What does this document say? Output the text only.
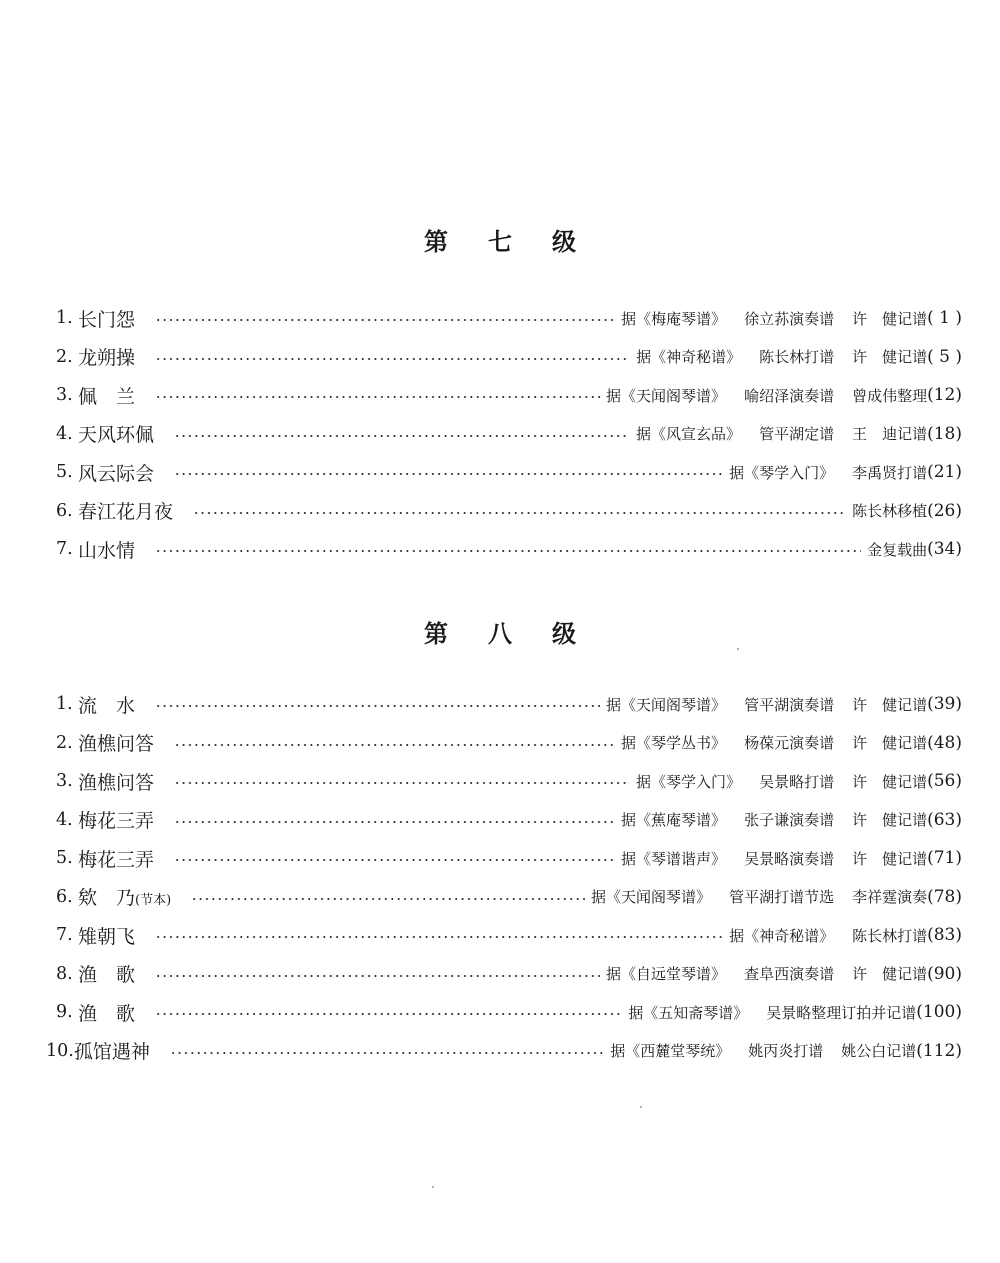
第 七 级
1. 长门怨	据《梅庵琴谱》 徐立荪演奏谱 许　健记谱 ( 1 )
2. 龙朔操	据《神奇秘谱》 陈长林打谱 许　健记谱 ( 5 )
3. 佩　兰	据《天闻阁琴谱》 喻绍泽演奏谱 曾成伟整理 (12)
4. 天风环佩	据《风宣玄品》 管平湖定谱 王　迪记谱 (18)
5. 风云际会	据《琴学入门》 李禹贤打谱 (21)
6. 春江花月夜	陈长林移植 (26)
7. 山水情	金复载曲 (34)
第 八 级
1. 流　水	据《天闻阁琴谱》 管平湖演奏谱 许　健记谱 (39)
2. 渔樵问答	据《琴学丛书》 杨葆元演奏谱 许　健记谱 (48)
3. 渔樵问答	据《琴学入门》 吴景略打谱 许　健记谱 (56)
4. 梅花三弄	据《蕉庵琴谱》 张子谦演奏谱 许　健记谱 (63)
5. 梅花三弄	据《琴谱谐声》 吴景略演奏谱 许　健记谱 (71)
6. 欸　乃(节本)	据《天闻阁琴谱》 管平湖打谱节选 李祥霆演奏 (78)
7. 雉朝飞	据《神奇秘谱》 陈长林打谱 (83)
8. 渔　歌	据《自远堂琴谱》 查阜西演奏谱 许　健记谱 (90)
9. 渔　歌	据《五知斋琴谱》 吴景略整理订拍并记谱 (100)
10. 孤馆遇神	据《西麓堂琴统》 姚丙炎打谱 姚公白记谱 (112)
